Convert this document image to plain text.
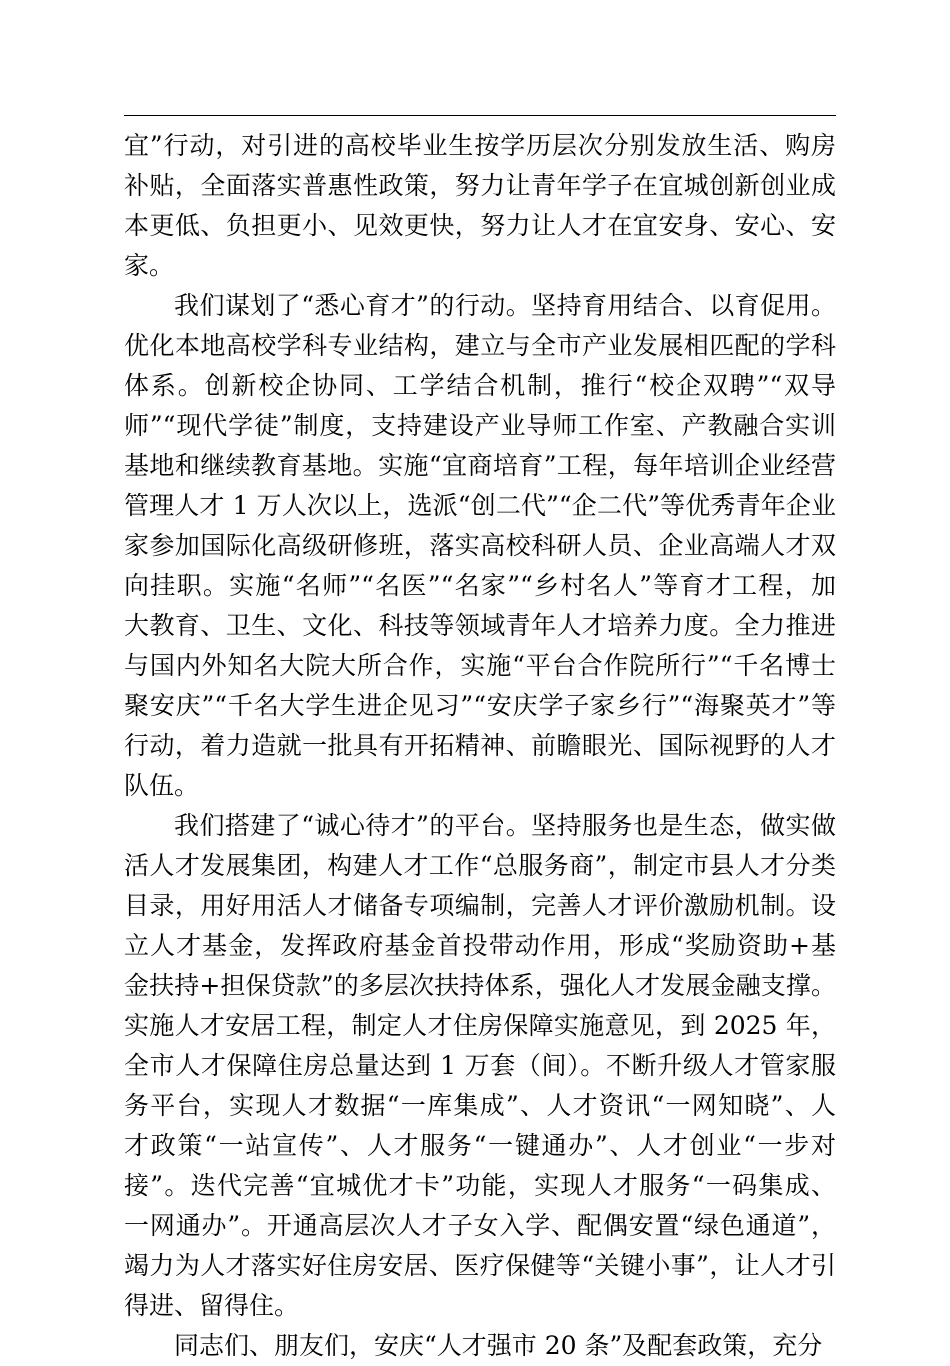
宜”行动，对引进的高校毕业生按学历层次分别发放生活、购房
补贴，全面落实普惠性政策，努力让青年学子在宜城创新创业成
本更低、负担更小、见效更快，努力让人才在宜安身、安心、安
家。
我们谋划了“悉心育才”的行动。坚持育用结合、以育促用。
优化本地高校学科专业结构，建立与全市产业发展相匹配的学科
体系。创新校企协同、工学结合机制，推行“校企双聘”“双导
师”“现代学徒”制度，支持建设产业导师工作室、产教融合实训
基地和继续教育基地。实施“宜商培育”工程，每年培训企业经营
管理人才 1 万人次以上，选派“创二代”“企二代”等优秀青年企业
家参加国际化高级研修班，落实高校科研人员、企业高端人才双
向挂职。实施“名师”“名医”“名家”“乡村名人”等育才工程，加
大教育、卫生、文化、科技等领域青年人才培养力度。全力推进
与国内外知名大院大所合作，实施“平台合作院所行”“千名博士
聚安庆”“千名大学生进企见习”“安庆学子家乡行”“海聚英才”等
行动，着力造就一批具有开拓精神、前瞻眼光、国际视野的人才
队伍。
我们搭建了“诚心待才”的平台。坚持服务也是生态，做实做
活人才发展集团，构建人才工作“总服务商”，制定市县人才分类
目录，用好用活人才储备专项编制，完善人才评价激励机制。设
立人才基金，发挥政府基金首投带动作用，形成“奖励资助+基
金扶持+担保贷款”的多层次扶持体系，强化人才发展金融支撑。
实施人才安居工程，制定人才住房保障实施意见，到 2025 年，
全市人才保障住房总量达到 1 万套（间）。不断升级人才管家服
务平台，实现人才数据“一库集成”、人才资讯“一网知晓”、人
才政策“一站宣传”、人才服务“一键通办”、人才创业“一步对
接”。迭代完善“宜城优才卡”功能，实现人才服务“一码集成、
一网通办”。开通高层次人才子女入学、配偶安置“绿色通道”，
竭力为人才落实好住房安居、医疗保健等“关键小事”，让人才引
得进、留得住。
同志们、朋友们，安庆“人才强市 20 条”及配套政策，充分
